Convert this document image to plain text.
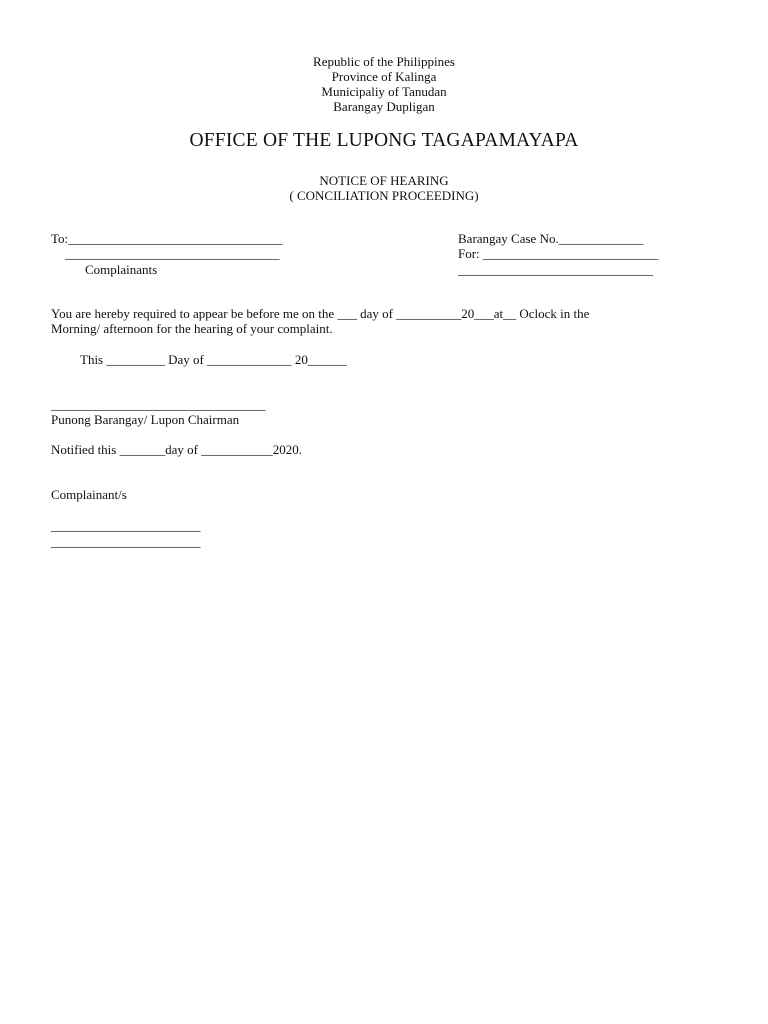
Republic of the Philippines
Province of Kalinga
Municipaliy of Tanudan
Barangay Dupligan
OFFICE OF THE LUPONG TAGAPAMAYAPA
NOTICE OF HEARING
( CONCILIATION PROCEEDING)
To:_________________________________
_________________________________
Complainants
Barangay Case No._____________
For: ___________________________
______________________________
You are hereby required to appear be before me on the ___ day of __________20___at__ Oclock in the
Morning/ afternoon for the hearing of your complaint.
This _________ Day of _____________ 20______
_________________________________
Punong Barangay/ Lupon Chairman
Notified this _______day of ___________2020.
Complainant/s
_______________________
_______________________
